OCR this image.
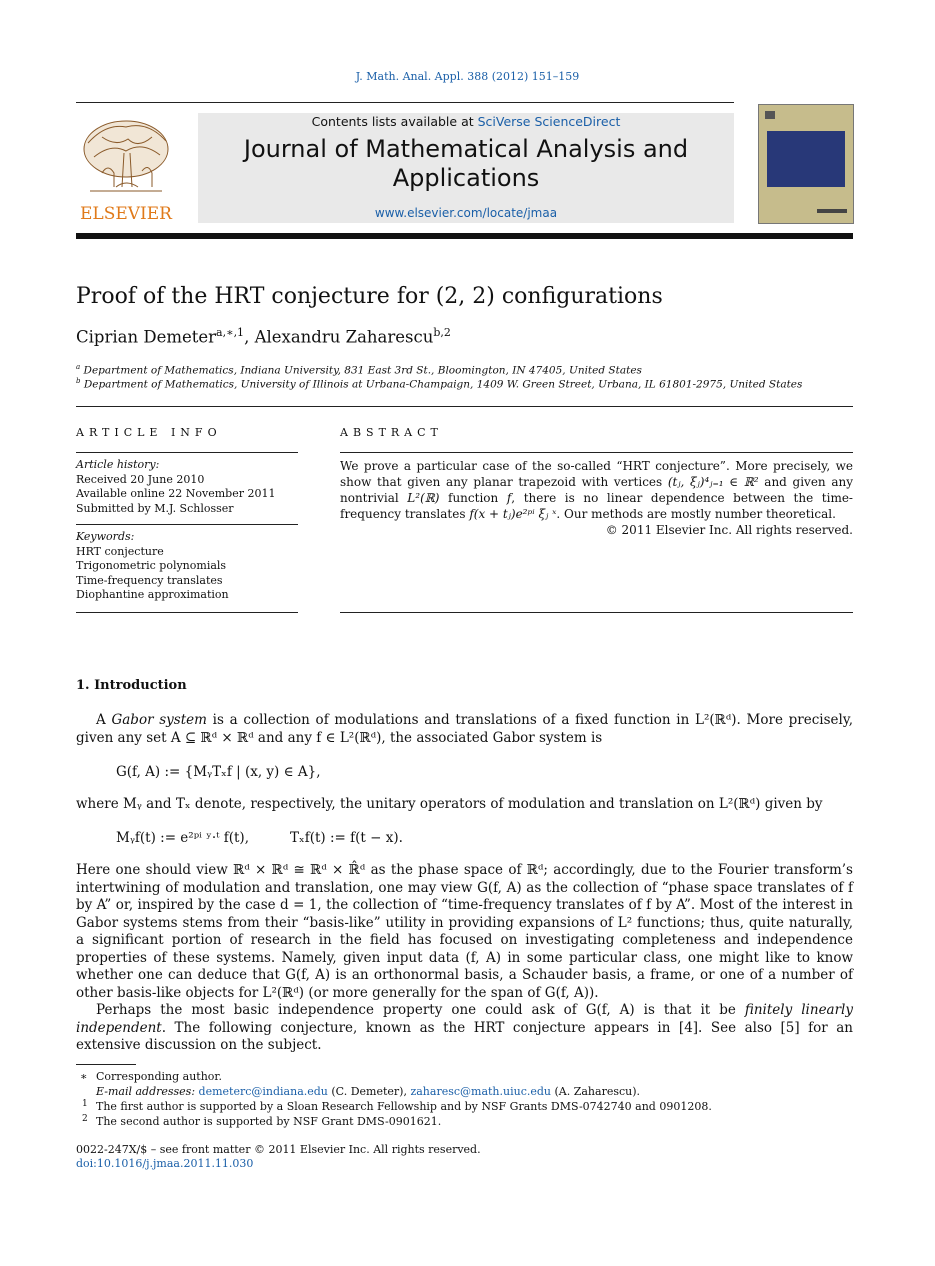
J. Math. Anal. Appl. 388 (2012) 151–159
ELSEVIER
Contents lists available at SciVerse ScienceDirect
Journal of Mathematical Analysis and
Applications
www.elsevier.com/locate/jmaa
Proof of the HRT conjecture for (2, 2) configurations
Ciprian Demeter$^{a,∗,1}$, Alexandru Zaharescu$^{b,2}$
$^a$ Department of Mathematics, Indiana University, 831 East 3rd St., Bloomington, IN 47405, United States
$^b$ Department of Mathematics, University of Illinois at Urbana-Champaign, 1409 W. Green Street, Urbana, IL 61801-2975, United States
ARTICLE INFO
Article history:
Received 20 June 2010
Available online 22 November 2011
Submitted by M.J. Schlosser
Keywords:
HRT conjecture
Trigonometric polynomials
Time-frequency translates
Diophantine approximation
ABSTRACT
We prove a particular case of the so-called “HRT conjecture”. More precisely, we show that given any planar trapezoid with vertices (tⱼ, ξⱼ)⁴ⱼ₌₁ ∈ ℝ² and given any nontrivial L²(ℝ) function f, there is no linear dependence between the time-frequency translates f(x + tⱼ)e²ᵖⁱ ξⱼ ˣ. Our methods are mostly number theoretical.
© 2011 Elsevier Inc. All rights reserved.
1. Introduction
A Gabor system is a collection of modulations and translations of a fixed function in L²(ℝᵈ). More precisely, given any set A ⊆ ℝᵈ × ℝᵈ and any f ∈ L²(ℝᵈ), the associated Gabor system is
G(f, A) := {MᵧTₓf | (x, y) ∈ A},
where Mᵧ and Tₓ denote, respectively, the unitary operators of modulation and translation on L²(ℝᵈ) given by
Mᵧf(t) := e²ᵖⁱ ʸ·ᵗ f(t),	Tₓf(t) := f(t − x).
Here one should view ℝᵈ × ℝᵈ ≅ ℝᵈ × ℝ̂ᵈ as the phase space of ℝᵈ; accordingly, due to the Fourier transform’s intertwining of modulation and translation, one may view G(f, A) as the collection of “phase space translates of f by A” or, inspired by the case d = 1, the collection of “time-frequency translates of f by A”. Most of the interest in Gabor systems stems from their “basis-like” utility in providing expansions of L² functions; thus, quite naturally, a significant portion of research in the field has focused on investigating completeness and independence properties of these systems. Namely, given input data (f, A) in some particular class, one might like to know whether one can deduce that G(f, A) is an orthonormal basis, a Schauder basis, a frame, or one of a number of other basis-like objects for L²(ℝᵈ) (or more generally for the span of G(f, A)).
Perhaps the most basic independence property one could ask of G(f, A) is that it be finitely linearly independent. The following conjecture, known as the HRT conjecture appears in [4]. See also [5] for an extensive discussion on the subject.
∗ Corresponding author.
E-mail addresses: demeterc@indiana.edu (C. Demeter), zaharesc@math.uiuc.edu (A. Zaharescu).
1 The first author is supported by a Sloan Research Fellowship and by NSF Grants DMS-0742740 and 0901208.
2 The second author is supported by NSF Grant DMS-0901621.
0022-247X/$ – see front matter © 2011 Elsevier Inc. All rights reserved.
doi:10.1016/j.jmaa.2011.11.030
